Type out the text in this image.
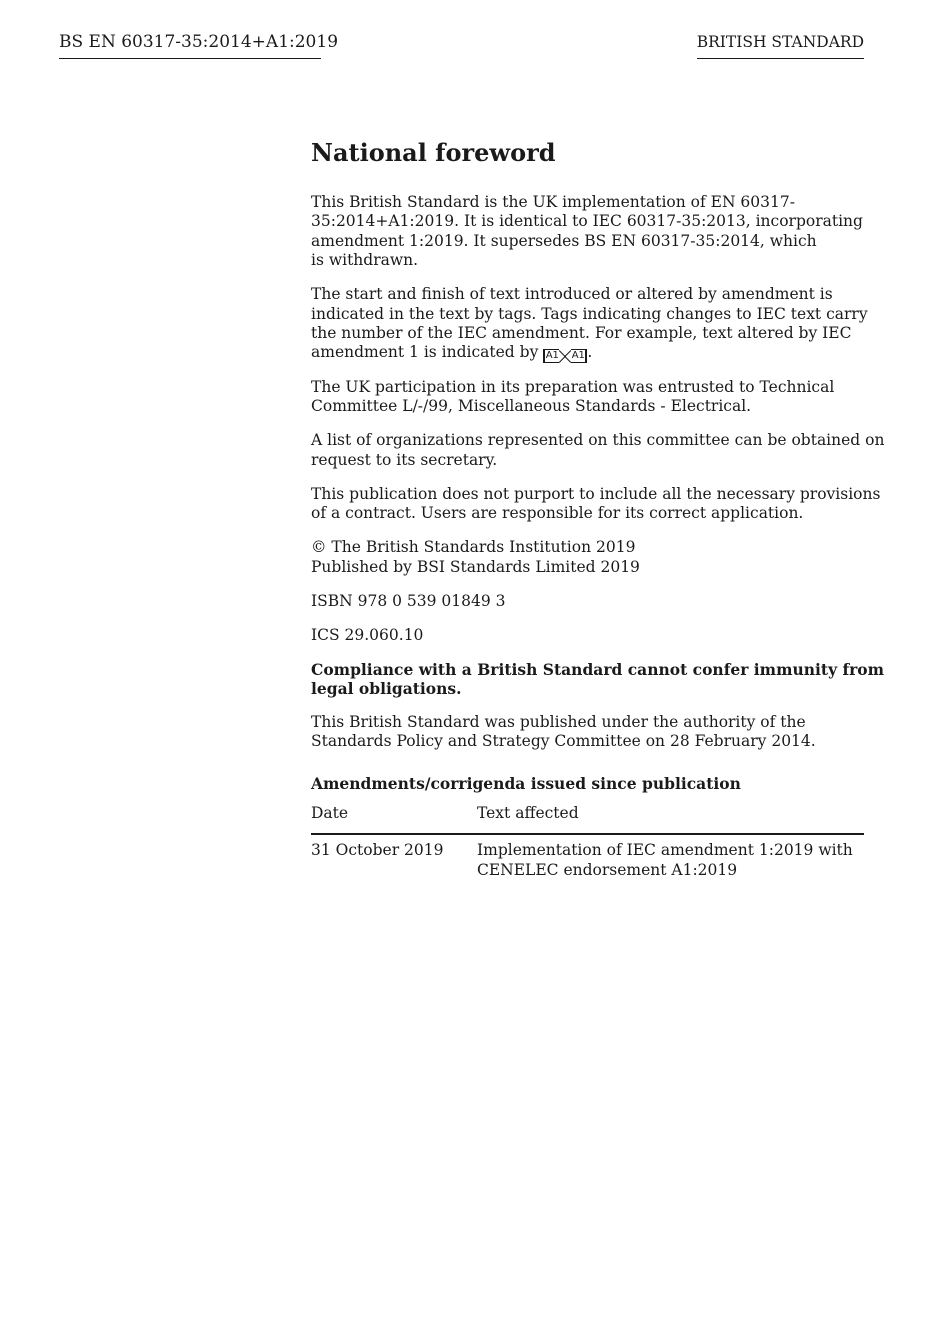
BS EN 60317-35:2014+A1:2019	BRITISH STANDARD
National foreword

This British Standard is the UK implementation of EN 60317-
35:2014+A1:2019. It is identical to IEC 60317-35:2013, incorporating
amendment 1:2019. It supersedes BS EN 60317-35:2014, which
is withdrawn.

The start and finish of text introduced or altered by amendment is
indicated in the text by tags. Tags indicating changes to IEC text carry
the number of the IEC amendment. For example, text altered by IEC
amendment 1 is indicated by A1 A1 .

The UK participation in its preparation was entrusted to Technical
Committee L/-/99, Miscellaneous Standards - Electrical.

A list of organizations represented on this committee can be obtained on
request to its secretary.

This publication does not purport to include all the necessary provisions
of a contract. Users are responsible for its correct application.

© The British Standards Institution 2019
Published by BSI Standards Limited 2019

ISBN 978 0 539 01849 3

ICS 29.060.10

Compliance with a British Standard cannot confer immunity from
legal obligations.

This British Standard was published under the authority of the
Standards Policy and Strategy Committee on 28 February 2014.

Amendments/corrigenda issued since publication
Date	Text affected
31 October 2019	Implementation of IEC amendment 1:2019 with
CENELEC endorsement A1:2019
